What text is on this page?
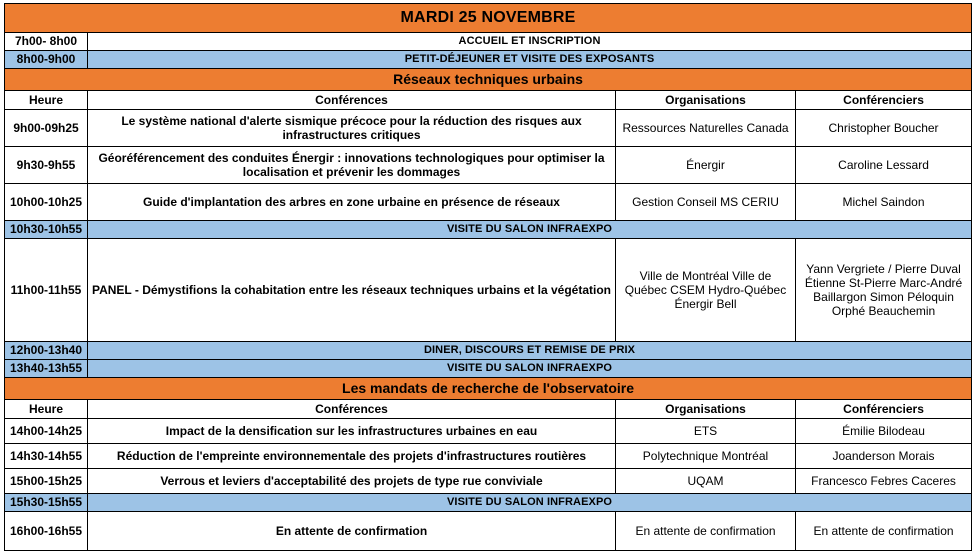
MARDI 25 NOVEMBRE			
7h00- 8h00	ACCUEIL ET INSCRIPTION		
8h00-9h00	PETIT-DÉJEUNER ET VISITE DES EXPOSANTS		
Réseaux techniques urbains			
Heure	Conférences	Organisations	Conférenciers
9h00-09h25	Le système national d'alerte sismique précoce pour la réduction des risques aux infrastructures critiques	Ressources Naturelles Canada	Christopher Boucher
9h30-9h55	Géoréférencement des conduites Énergir : innovations technologiques pour optimiser la localisation et prévenir les dommages	Énergir	Caroline Lessard
10h00-10h25	Guide d'implantation des arbres en zone urbaine en présence de réseaux	Gestion Conseil MS CERIU	Michel Saindon
10h30-10h55	VISITE DU SALON INFRAEXPO		
11h00-11h55	PANEL - Démystifions la cohabitation entre les réseaux techniques urbains et la végétation	Ville de Montréal Ville de Québec CSEM Hydro-Québec Énergir Bell	Yann Vergriete / Pierre Duval Étienne St-Pierre Marc-André Baillargon Simon Péloquin Orphé Beauchemin
12h00-13h40	DINER, DISCOURS ET REMISE DE PRIX		
13h40-13h55	VISITE DU SALON INFRAEXPO		
Les mandats de recherche de l'observatoire			
Heure	Conférences	Organisations	Conférenciers
14h00-14h25	Impact de la densification sur les infrastructures urbaines en eau	ETS	Émilie Bilodeau
14h30-14h55	Réduction de l'empreinte environnementale des projets d'infrastructures routières	Polytechnique Montréal	Joanderson Morais
15h00-15h25	Verrous et leviers d'acceptabilité des projets de type rue conviviale	UQAM	Francesco Febres Caceres
15h30-15h55	VISITE DU SALON INFRAEXPO		
16h00-16h55	En attente de confirmation	En attente de confirmation	En attente de confirmation
